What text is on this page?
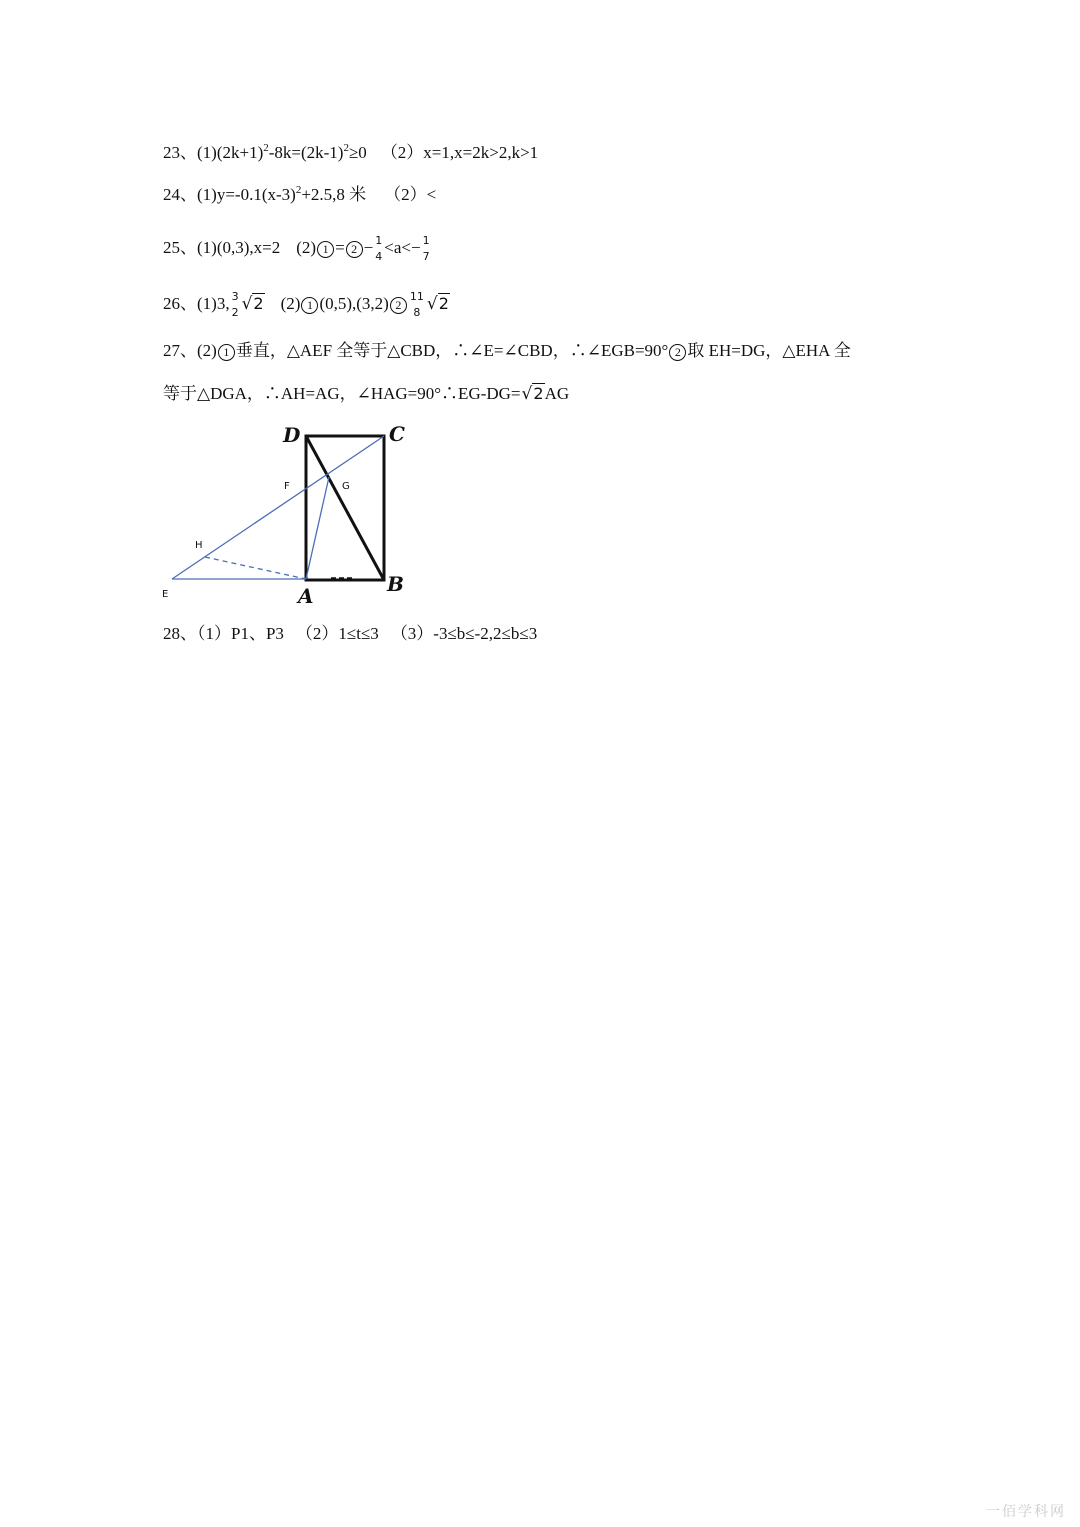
23、$(1)(2k+1)^2-8k=(2k-1)^2\ge 0$ （2）x=1,x=2k>2,k>1
24、$(1)y=-0.1(x-3)^2+2.5,8$ 米 （2）<
25、(1)(0,3),x=2 (2) 1 = 2 − 1
4 <a<− 1
7
26、(1)3, 3
2 √2 (2) 1 (0,5),(3,2) 2
11
8 √2
27、(2) 1 垂直，△AEF 全等于△CBD，∴∠E=∠CBD，∴∠EGB=90° 2 取 EH=DG，△EHA 全
等于△DGA，∴AH=AG，∠HAG=90°∴EG-DG=√2AG
D	C
A	B
F	G
H
E
28、（1）P1、P3 （2）1≤t≤3 （3）-3≤b≤-2,2≤b≤3
一佰学科网
